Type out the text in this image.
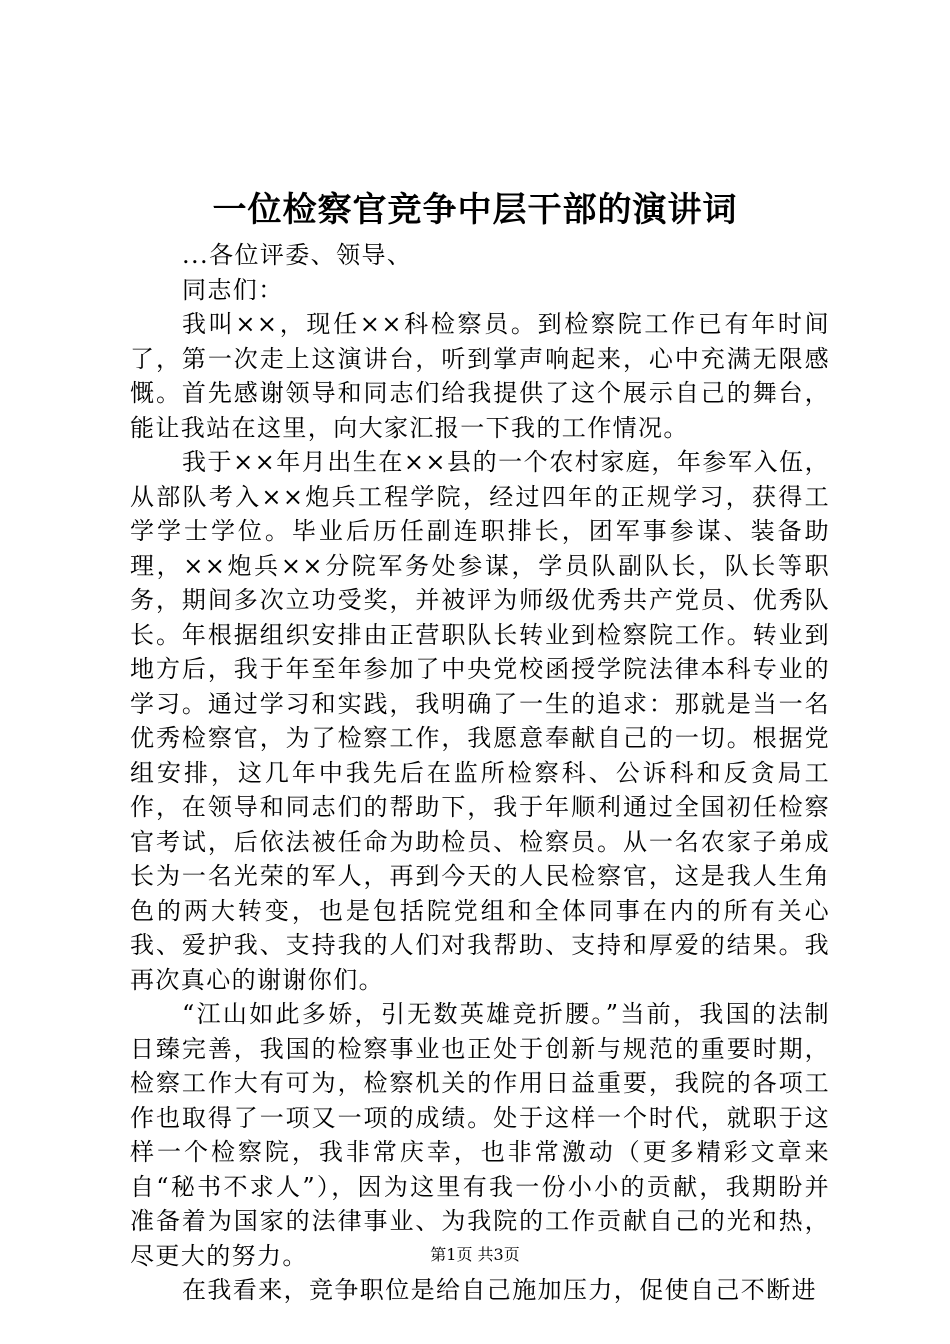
一位检察官竞争中层干部的演讲词

...各位评委、领导、

同志们：

我叫××，现任××科检察员。到检察院工作已有年时间了，第一次走上这演讲台，听到掌声响起来，心中充满无限感慨。首先感谢领导和同志们给我提供了这个展示自己的舞台，能让我站在这里，向大家汇报一下我的工作情况。

我于××年月出生在××县的一个农村家庭，年参军入伍，从部队考入××炮兵工程学院，经过四年的正规学习，获得工学学士学位。毕业后历任副连职排长，团军事参谋、装备助理，××炮兵××分院军务处参谋，学员队副队长，队长等职务，期间多次立功受奖，并被评为师级优秀共产党员、优秀队长。年根据组织安排由正营职队长转业到检察院工作。转业到地方后，我于年至年参加了中央党校函授学院法律本科专业的学习。通过学习和实践，我明确了一生的追求：那就是当一名优秀检察官，为了检察工作，我愿意奉献自己的一切。根据党组安排，这几年中我先后在监所检察科、公诉科和反贪局工作，在领导和同志们的帮助下，我于年顺利通过全国初任检察官考试，后依法被任命为助检员、检察员。从一名农家子弟成长为一名光荣的军人，再到今天的人民检察官，这是我人生角色的两大转变，也是包括院党组和全体同事在内的所有关心我、爱护我、支持我的人们对我帮助、支持和厚爱的结果。我再次真心的谢谢你们。

“江山如此多娇，引无数英雄竞折腰。”当前，我国的法制日臻完善，我国的检察事业也正处于创新与规范的重要时期，检察工作大有可为，检察机关的作用日益重要，我院的各项工作也取得了一项又一项的成绩。处于这样一个时代，就职于这样一个检察院，我非常庆幸，也非常激动（更多精彩文章来自“秘书不求人”），因为这里有我一份小小的贡献，我期盼并准备着为国家的法律事业、为我院的工作贡献自己的光和热，尽更大的努力。

在我看来，竞争职位是给自己施加压力，促使自己不断进

第1页 共3页
